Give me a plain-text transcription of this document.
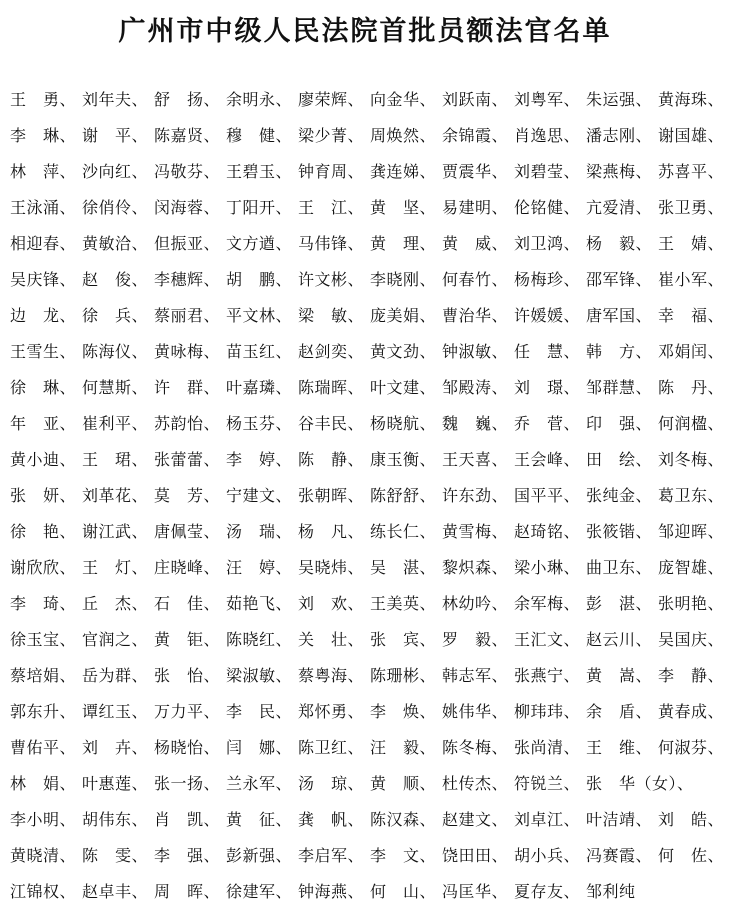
广州市中级人民法院首批员额法官名单
王　勇、 刘年夫、 舒　扬、 余明永、 廖荣辉、 向金华、 刘跃南、 刘粤军、 朱运强、 黄海珠、
李　琳、 谢　平、 陈嘉贤、 穆　健、 梁少菁、 周焕然、 余锦霞、 肖逸思、 潘志刚、 谢国雄、
林　萍、 沙向红、 冯敬芬、 王碧玉、 钟育周、 龚连娣、 贾震华、 刘碧莹、 梁燕梅、 苏喜平、
王泳涌、 徐俏伶、 闵海蓉、 丁阳开、 王　江、 黄　坚、 易建明、 伦铭健、 亢爱清、 张卫勇、
相迎春、 黄敏洽、 但振亚、 文方遒、 马伟锋、 黄　理、 黄　威、 刘卫鸿、 杨　毅、 王　婧、
吴庆锋、 赵　俊、 李穗辉、 胡　鹏、 许文彬、 李晓刚、 何春竹、 杨梅珍、 邵军锋、 崔小军、
边　龙、 徐　兵、 蔡丽君、 平文林、 梁　敏、 庞美娟、 曹治华、 许媛媛、 唐军国、 幸　福、
王雪生、 陈海仪、 黄咏梅、 苗玉红、 赵剑奕、 黄文劲、 钟淑敏、 任　慧、 韩　方、 邓娟闰、
徐　琳、 何慧斯、 许　群、 叶嘉璘、 陈瑞晖、 叶文建、 邹殿涛、 刘　璟、 邹群慧、 陈　丹、
年　亚、 崔利平、 苏韵怡、 杨玉芬、 谷丰民、 杨晓航、 魏　巍、 乔　菅、 印　强、 何润楹、
黄小迪、 王　珺、 张蕾蕾、 李　婷、 陈　静、 康玉衡、 王天喜、 王会峰、 田　绘、 刘冬梅、
张　妍、 刘革花、 莫　芳、 宁建文、 张朝晖、 陈舒舒、 许东劲、 国平平、 张纯金、 葛卫东、
徐　艳、 谢江武、 唐佩莹、 汤　瑞、 杨　凡、 练长仁、 黄雪梅、 赵琦铭、 张筱锴、 邹迎晖、
谢欣欣、 王　灯、 庄晓峰、 汪　婷、 吴晓炜、 吴　湛、 黎炽森、 梁小琳、 曲卫东、 庞智雄、
李　琦、 丘　杰、 石　佳、 茹艳飞、 刘　欢、 王美英、 林幼吟、 余军梅、 彭　湛、 张明艳、
徐玉宝、 官润之、 黄　钜、 陈晓红、 关　壮、 张　宾、 罗　毅、 王汇文、 赵云川、 吴国庆、
蔡培娟、 岳为群、 张　怡、 梁淑敏、 蔡粤海、 陈珊彬、 韩志军、 张燕宁、 黄　嵩、 李　静、
郭东升、 谭红玉、 万力平、 李　民、 郑怀勇、 李　焕、 姚伟华、 柳玮玮、 余　盾、 黄春成、
曹佑平、 刘　卉、 杨晓怡、 闫　娜、 陈卫红、 汪　毅、 陈冬梅、 张尚清、 王　维、 何淑芬、
林　娟、 叶惠莲、 张一扬、 兰永军、 汤　琼、 黄　顺、 杜传杰、 符锐兰、 张　华（女）、
李小明、 胡伟东、 肖　凯、 黄　征、 龚　帆、 陈汉森、 赵建文、 刘卓江、 叶洁靖、 刘　皓、
黄晓清、 陈　雯、 李　强、 彭新强、 李启军、 李　文、 饶田田、 胡小兵、 冯赛霞、 何　佐、
江锦权、 赵卓丰、 周　晖、 徐建军、 钟海燕、 何　山、 冯匡华、 夏存友、 邹利纯
